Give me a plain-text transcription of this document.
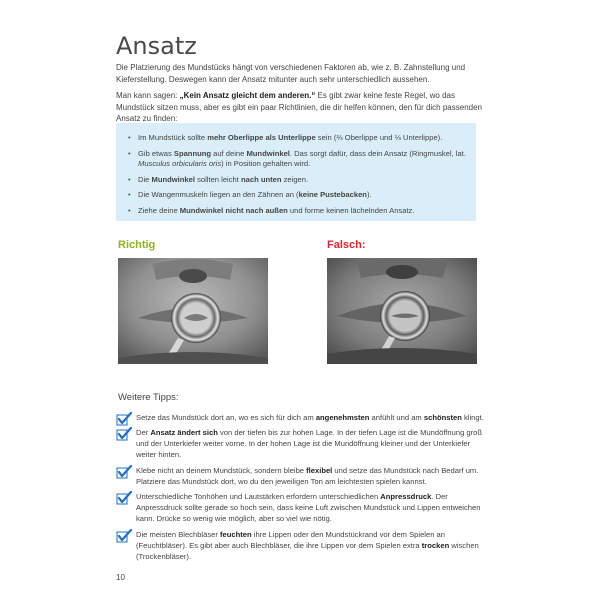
Ansatz
Die Platzierung des Mundstücks hängt von verschiedenen Faktoren ab, wie z. B. Zahnstellung und Kieferstellung. Deswegen kann der Ansatz mitunter auch sehr unterschiedlich aussehen.
Man kann sagen: „Kein Ansatz gleicht dem anderen.“ Es gibt zwar keine feste Regel, wo das Mundstück sitzen muss, aber es gibt ein paar Richtlinien, die dir helfen können, den für dich passenden Ansatz zu finden:
• Im Mundstück sollte mehr Oberlippe als Unterlippe sein (⅔ Oberlippe und ⅓ Unterlippe).
• Gib etwas Spannung auf deine Mundwinkel. Das sorgt dafür, dass dein Ansatz (Ringmuskel, lat. Musculus orbicularis oris) in Position gehalten wird.
• Die Mundwinkel sollten leicht nach unten zeigen.
• Die Wangenmuskeln liegen an den Zähnen an (keine Pustebacken).
• Ziehe deine Mundwinkel nicht nach außen und forme keinen lächelnden Ansatz.
Richtig	Falsch:
Weitere Tipps:
Setze das Mundstück dort an, wo es sich für dich am angenehmsten anfühlt und am schönsten klingt.
Der Ansatz ändert sich von der tiefen bis zur hohen Lage. In der tiefen Lage ist die Mundöffnung groß und der Unterkiefer weiter vorne. In der hohen Lage ist die Mundöffnung kleiner und der Unterkiefer weiter hinten.
Klebe nicht an deinem Mundstück, sondern bleibe flexibel und setze das Mundstück nach Bedarf um. Platziere das Mundstück dort, wo du den jeweiligen Ton am leichtesten spielen kannst.
Unterschiedliche Tonhöhen und Lautstärken erfordern unterschiedlichen Anpressdruck. Der Anpressdruck sollte gerade so hoch sein, dass keine Luft zwischen Mundstück und Lippen entweichen kann. Drücke so wenig wie möglich, aber so viel wie nötig.
Die meisten Blechbläser feuchten ihre Lippen oder den Mundstückrand vor dem Spielen an (Feuchtbläser). Es gibt aber auch Blechbläser, die ihre Lippen vor dem Spielen extra trocken wischen (Trockenbläser).
10
